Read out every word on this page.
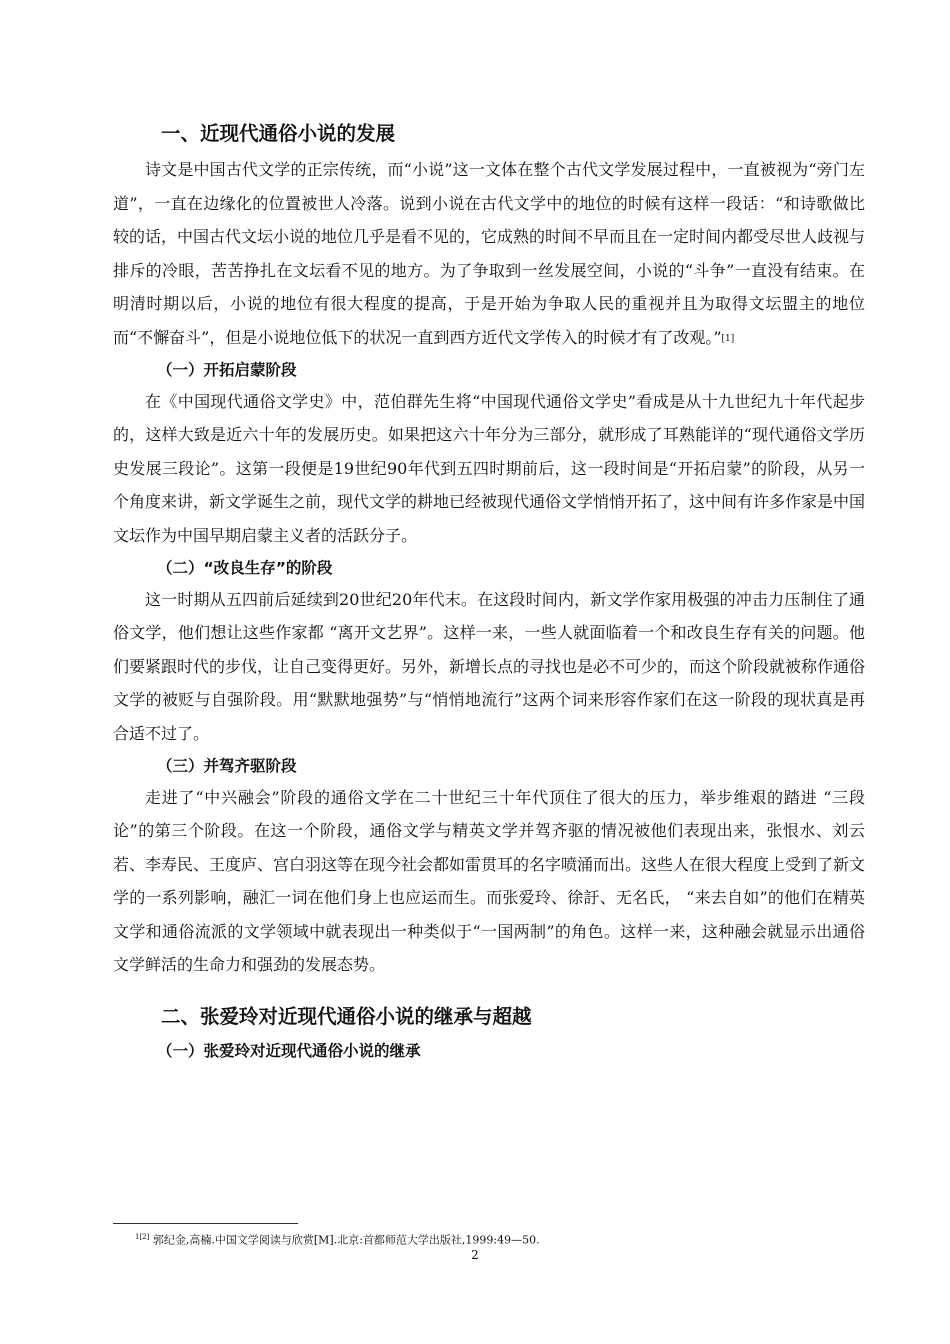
一、近现代通俗小说的发展

诗文是中国古代文学的正宗传统，而“小说”这一文体在整个古代文学发展过程中，一直被视为“旁门左道”，一直在边缘化的位置被世人冷落。说到小说在古代文学中的地位的时候有这样一段话：“和诗歌做比较的话，中国古代文坛小说的地位几乎是看不见的，它成熟的时间不早而且在一定时间内都受尽世人歧视与排斥的冷眼，苦苦挣扎在文坛看不见的地方。为了争取到一丝发展空间，小说的“斗争”一直没有结束。在明清时期以后，小说的地位有很大程度的提高，于是开始为争取人民的重视并且为取得文坛盟主的地位而“不懈奋斗”，但是小说地位低下的状况一直到西方近代文学传入的时候才有了改观。”[1]

（一）开拓启蒙阶段

在《中国现代通俗文学史》中，范伯群先生将“中国现代通俗文学史”看成是从十九世纪九十年代起步的，这样大致是近六十年的发展历史。如果把这六十年分为三部分，就形成了耳熟能详的“现代通俗文学历史发展三段论”。这第一段便是19世纪90年代到五四时期前后，这一段时间是“开拓启蒙”的阶段，从另一个角度来讲，新文学诞生之前，现代文学的耕地已经被现代通俗文学悄悄开拓了，这中间有许多作家是中国文坛作为中国早期启蒙主义者的活跃分子。

（二）“改良生存”的阶段

这一时期从五四前后延续到20世纪20年代末。在这段时间内，新文学作家用极强的冲击力压制住了通俗文学，他们想让这些作家都 “离开文艺界”。这样一来，一些人就面临着一个和改良生存有关的问题。他们要紧跟时代的步伐，让自己变得更好。另外，新增长点的寻找也是必不可少的，而这个阶段就被称作通俗文学的被贬与自强阶段。用“默默地强势”与“悄悄地流行”这两个词来形容作家们在这一阶段的现状真是再合适不过了。

（三）并驾齐驱阶段

走进了“中兴融会”阶段的通俗文学在二十世纪三十年代顶住了很大的压力，举步维艰的踏进 “三段论”的第三个阶段。在这一个阶段，通俗文学与精英文学并驾齐驱的情况被他们表现出来，张恨水、刘云若、李寿民、王度庐、宫白羽这等在现今社会都如雷贯耳的名字喷涌而出。这些人在很大程度上受到了新文学的一系列影响，融汇一词在他们身上也应运而生。而张爱玲、徐訏、无名氏， “来去自如”的他们在精英文学和通俗流派的文学领域中就表现出一种类似于“一国两制”的角色。这样一来，这种融会就显示出通俗文学鲜活的生命力和强劲的发展态势。

二、张爱玲对近现代通俗小说的继承与超越
（一）张爱玲对近现代通俗小说的继承

$^{1[2]}$ 郭纪金,高楠.中国文学阅读与欣赏[M].北京:首都师范大学出版社,1999:49—50.

2
